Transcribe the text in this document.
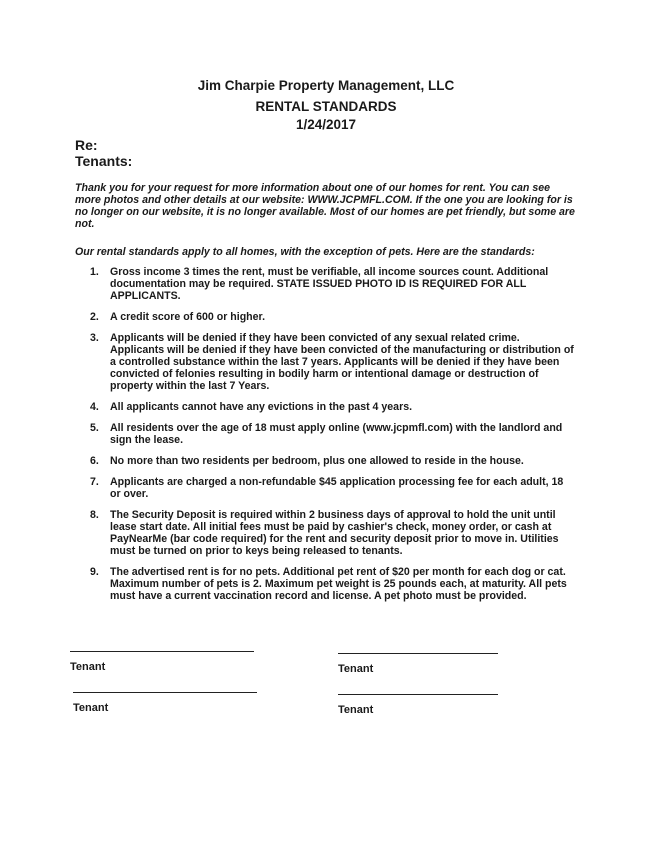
Jim Charpie Property Management, LLC
RENTAL STANDARDS
1/24/2017
Re:
Tenants:
Thank you for your request for more information about one of our homes for rent. You can see more photos and other details at our website: WWW.JCPMFL.COM. If the one you are looking for is no longer on our website, it is no longer available. Most of our homes are pet friendly, but some are not.
Our rental standards apply to all homes, with the exception of pets. Here are the standards:
1. Gross income 3 times the rent, must be verifiable, all income sources count. Additional documentation may be required. STATE ISSUED PHOTO ID IS REQUIRED FOR ALL APPLICANTS.
2. A credit score of 600 or higher.
3. Applicants will be denied if they have been convicted of any sexual related crime. Applicants will be denied if they have been convicted of the manufacturing or distribution of a controlled substance within the last 7 years. Applicants will be denied if they have been convicted of felonies resulting in bodily harm or intentional damage or destruction of property within the last 7 Years.
4. All applicants cannot have any evictions in the past 4 years.
5. All residents over the age of 18 must apply online (www.jcpmfl.com) with the landlord and sign the lease.
6. No more than two residents per bedroom, plus one allowed to reside in the house.
7. Applicants are charged a non-refundable $45 application processing fee for each adult, 18 or over.
8. The Security Deposit is required within 2 business days of approval to hold the unit until lease start date. All initial fees must be paid by cashier's check, money order, or cash at PayNearMe (bar code required) for the rent and security deposit prior to move in. Utilities must be turned on prior to keys being released to tenants.
9. The advertised rent is for no pets. Additional pet rent of $20 per month for each dog or cat. Maximum number of pets is 2. Maximum pet weight is 25 pounds each, at maturity. All pets must have a current vaccination record and license. A pet photo must be provided.
Tenant	Tenant
Tenant	Tenant
